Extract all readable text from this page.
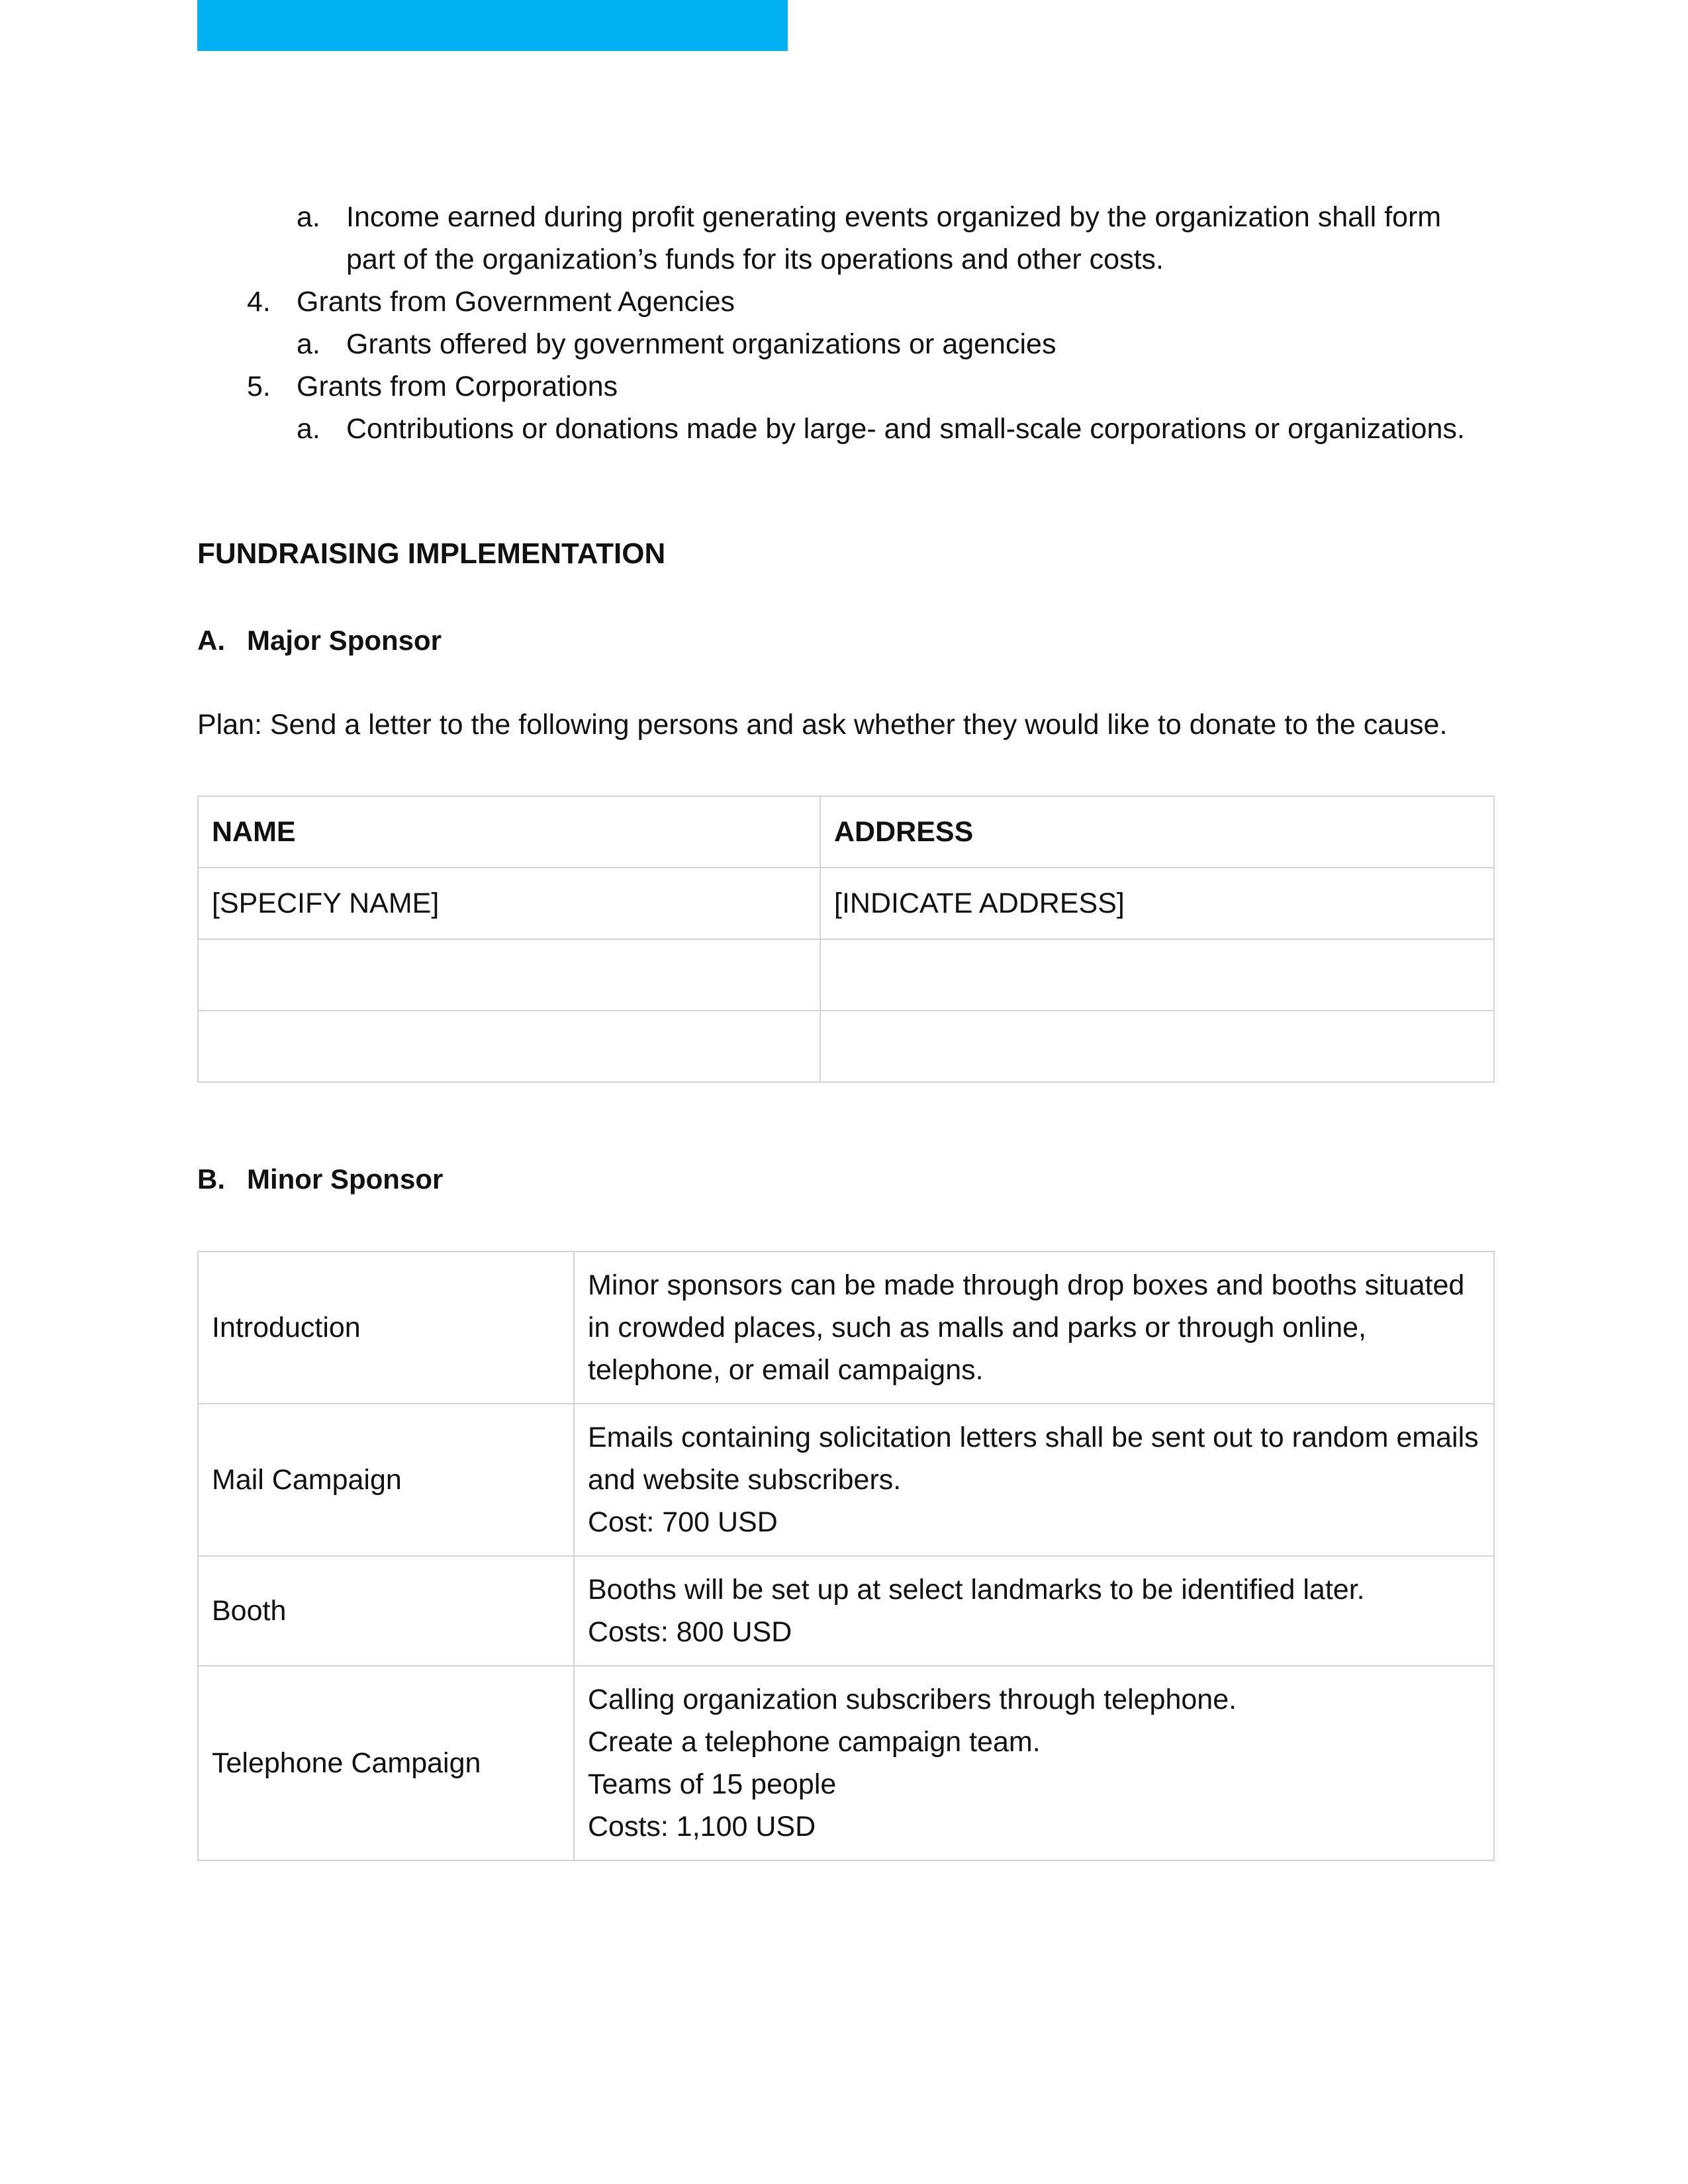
a. Income earned during profit generating events organized by the organization shall form part of the organization’s funds for its operations and other costs.
4. Grants from Government Agencies
a. Grants offered by government organizations or agencies
5. Grants from Corporations
a. Contributions or donations made by large- and small-scale corporations or organizations.
FUNDRAISING IMPLEMENTATION
A. Major Sponsor
Plan: Send a letter to the following persons and ask whether they would like to donate to the cause.
NAME	ADDRESS
[SPECIFY NAME]	[INDICATE ADDRESS]

B. Minor Sponsor
Introduction	Minor sponsors can be made through drop boxes and booths situated in crowded places, such as malls and parks or through online, telephone, or email campaigns.

Mail Campaign	Emails containing solicitation letters shall be sent out to random emails and website subscribers.
Cost: 700 USD

Booth	Booths will be set up at select landmarks to be identified later.
Costs: 800 USD

Telephone Campaign	Calling organization subscribers through telephone.
Create a telephone campaign team.
Teams of 15 people
Costs: 1,100 USD
